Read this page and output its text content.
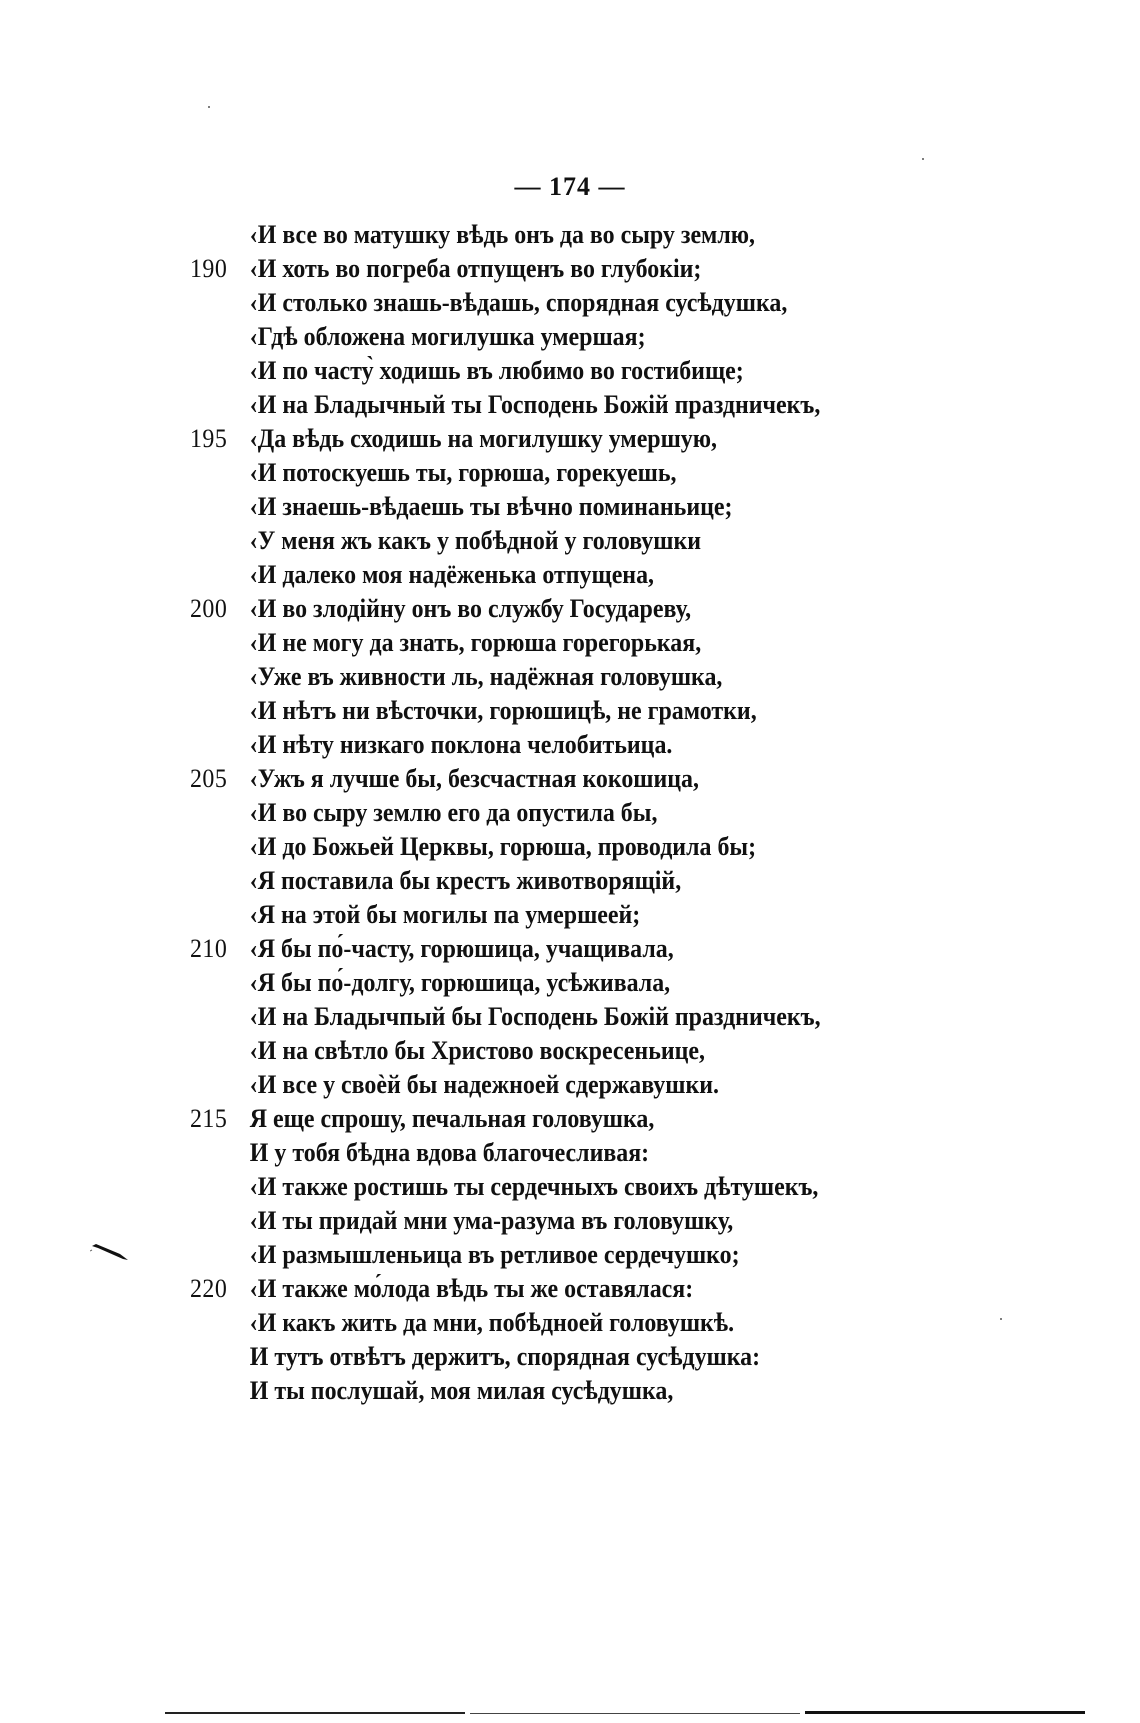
— 174 —
‹И все во матушку вѣдь онъ да во сыру землю,
190 ‹И хоть во погреба отпущенъ во глубокiи;
‹И столько знашь-вѣдашь, спорядная сусѣдушка,
‹Гдѣ обложена могилушка умершая;
‹И по часту̀ ходишь въ любимо во гостибище;
‹И на Бладычный ты Господень Божiй праздничекъ,
195 ‹Да вѣдь сходишь на могилушку умершую,
‹И потоскуешь ты, горюша, горекуешь,
‹И знаешь-вѣдаешь ты вѣчно поминаньице;
‹У меня жъ какъ у побѣдной у головушки
‹И далеко моя надёженька отпущена,
200 ‹И во злодiйну онъ во службу Государеву,
‹И не могу да знать, горюша горегорькая,
‹Уже въ живности ль, надёжная головушка,
‹И нѣтъ ни вѣсточки, горюшицѣ, не грамотки,
‹И нѣту низкаго поклона челобитьица.
205 ‹Ужъ я лучше бы, безсчастная кокошица,
‹И во сыру землю его да опустила бы,
‹И до Божьей Церквы, горюша, проводила бы;
‹Я поставила бы крестъ животворящiй,
‹Я на этой бы могилы па умершеей;
210 ‹Я бы по́-часту, горюшица, учащивала,
‹Я бы по́-долгу, горюшица, усѣживала,
‹И на Бладычпый бы Господень Божiй праздничекъ,
‹И на свѣтло бы Христово воскресеньице,
‹И все у своѐй бы надежноей сдержавушки.
215 Я еще спрошу, печальная головушка,
И у тобя бѣдна вдова благочесливая:
‹И также ростишь ты сердечныхъ своихъ дѣтушекъ,
‹И ты придай мни ума-разума въ головушку,
‹И размышленьица въ ретливое сердечушко;
220 ‹И также мо́лода вѣдь ты же оставялася:
‹И какъ жить да мни, побѣдноей головушкѣ.
И тутъ отвѣтъ держитъ, спорядная сусѣдушка:
И ты послушай, моя милая сусѣдушка,
